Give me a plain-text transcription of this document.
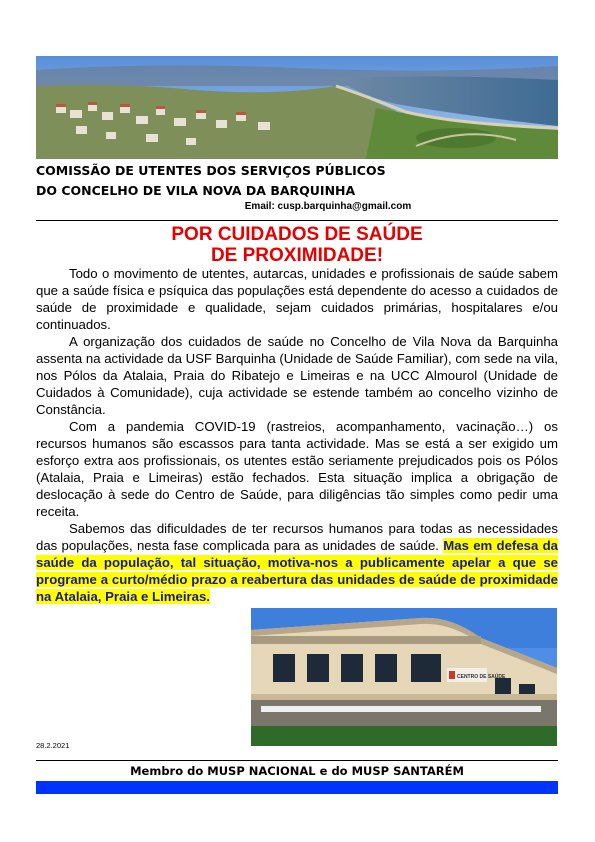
COMISSÃO DE UTENTES DOS SERVIÇOS PÚBLICOS
DO CONCELHO DE VILA NOVA DA BARQUINHA
Email: cusp.barquinha@gmail.com
POR CUIDADOS DE SAÚDE
DE PROXIMIDADE!

Todo o movimento de utentes, autarcas, unidades e profissionais de saúde sabem que a saúde física e psíquica das populações está dependente do acesso a cuidados de saúde de proximidade e qualidade, sejam cuidados primárias, hospitalares e/ou continuados.

A organização dos cuidados de saúde no Concelho de Vila Nova da Barquinha assenta na actividade da USF Barquinha (Unidade de Saúde Familiar), com sede na vila, nos Pólos da Atalaia, Praia do Ribatejo e Limeiras e na UCC Almourol (Unidade de Cuidados à Comunidade), cuja actividade se estende também ao concelho vizinho de Constância.

Com a pandemia COVID-19 (rastreios, acompanhamento, vacinação…) os recursos humanos são escassos para tanta actividade. Mas se está a ser exigido um esforço extra aos profissionais, os utentes estão seriamente prejudicados pois os Pólos (Atalaia, Praia e Limeiras) estão fechados. Esta situação implica a obrigação de deslocação à sede do Centro de Saúde, para diligências tão simples como pedir uma receita.

Sabemos das dificuldades de ter recursos humanos para todas as necessidades das populações, nesta fase complicada para as unidades de saúde. Mas em defesa da saúde da população, tal situação, motiva-nos a publicamente apelar a que se programe a curto/médio prazo a reabertura das unidades de saúde de proximidade na Atalaia, Praia e Limeiras.

CENTRO DE SAÚDE
28.2.2021
Membro do MUSP NACIONAL e do MUSP SANTARÉM
